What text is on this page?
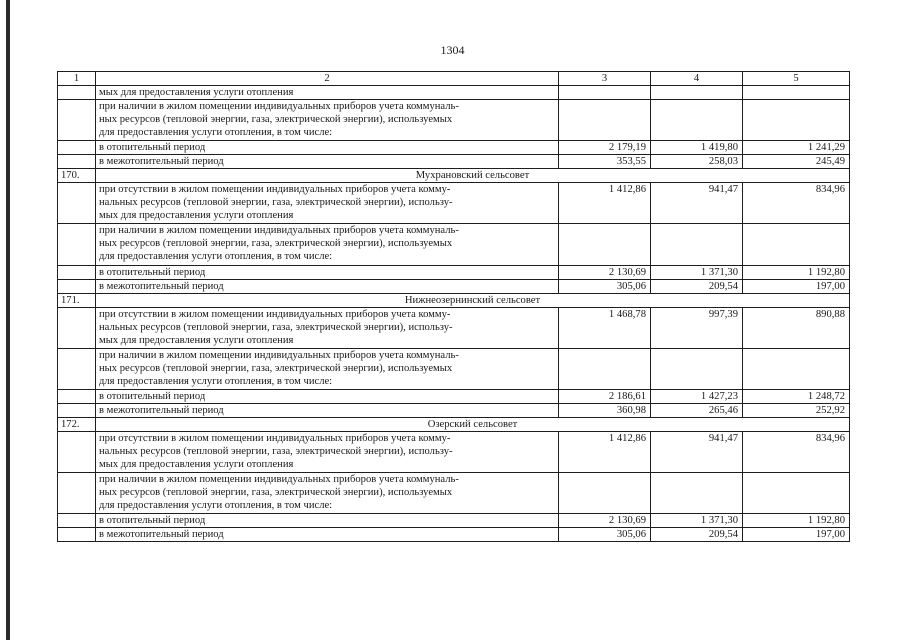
1304
1	2	3	4	5

	мых для предоставления услуги отопления			

	при наличии в жилом помещении индивидуальных приборов учета коммуналь-
ных ресурсов (тепловой энергии, газа, электрической энергии), используемых
для предоставления услуги отопления, в том числе:			

	в отопительный период	2 179,19	1 419,80	1 241,29

	в межотопительный период	353,55	258,03	245,49
170.	Мухрановский сельсовет			

	при отсутствии в жилом помещении индивидуальных приборов учета комму-
нальных ресурсов (тепловой энергии, газа, электрической энергии), использу-
мых для предоставления услуги отопления	1 412,86	941,47	834,96

	при наличии в жилом помещении индивидуальных приборов учета коммуналь-
ных ресурсов (тепловой энергии, газа, электрической энергии), используемых
для предоставления услуги отопления, в том числе:			

	в отопительный период	2 130,69	1 371,30	1 192,80

	в межотопительный период	305,06	209,54	197,00
171.	Нижнеозернинский сельсовет			

	при отсутствии в жилом помещении индивидуальных приборов учета комму-
нальных ресурсов (тепловой энергии, газа, электрической энергии), использу-
мых для предоставления услуги отопления	1 468,78	997,39	890,88

	при наличии в жилом помещении индивидуальных приборов учета коммуналь-
ных ресурсов (тепловой энергии, газа, электрической энергии), используемых
для предоставления услуги отопления, в том числе:			

	в отопительный период	2 186,61	1 427,23	1 248,72

	в межотопительный период	360,98	265,46	252,92
172.	Озерский сельсовет			

	при отсутствии в жилом помещении индивидуальных приборов учета комму-
нальных ресурсов (тепловой энергии, газа, электрической энергии), использу-
мых для предоставления услуги отопления	1 412,86	941,47	834,96

	при наличии в жилом помещении индивидуальных приборов учета коммуналь-
ных ресурсов (тепловой энергии, газа, электрической энергии), используемых
для предоставления услуги отопления, в том числе:			

	в отопительный период	2 130,69	1 371,30	1 192,80

	в межотопительный период	305,06	209,54	197,00
